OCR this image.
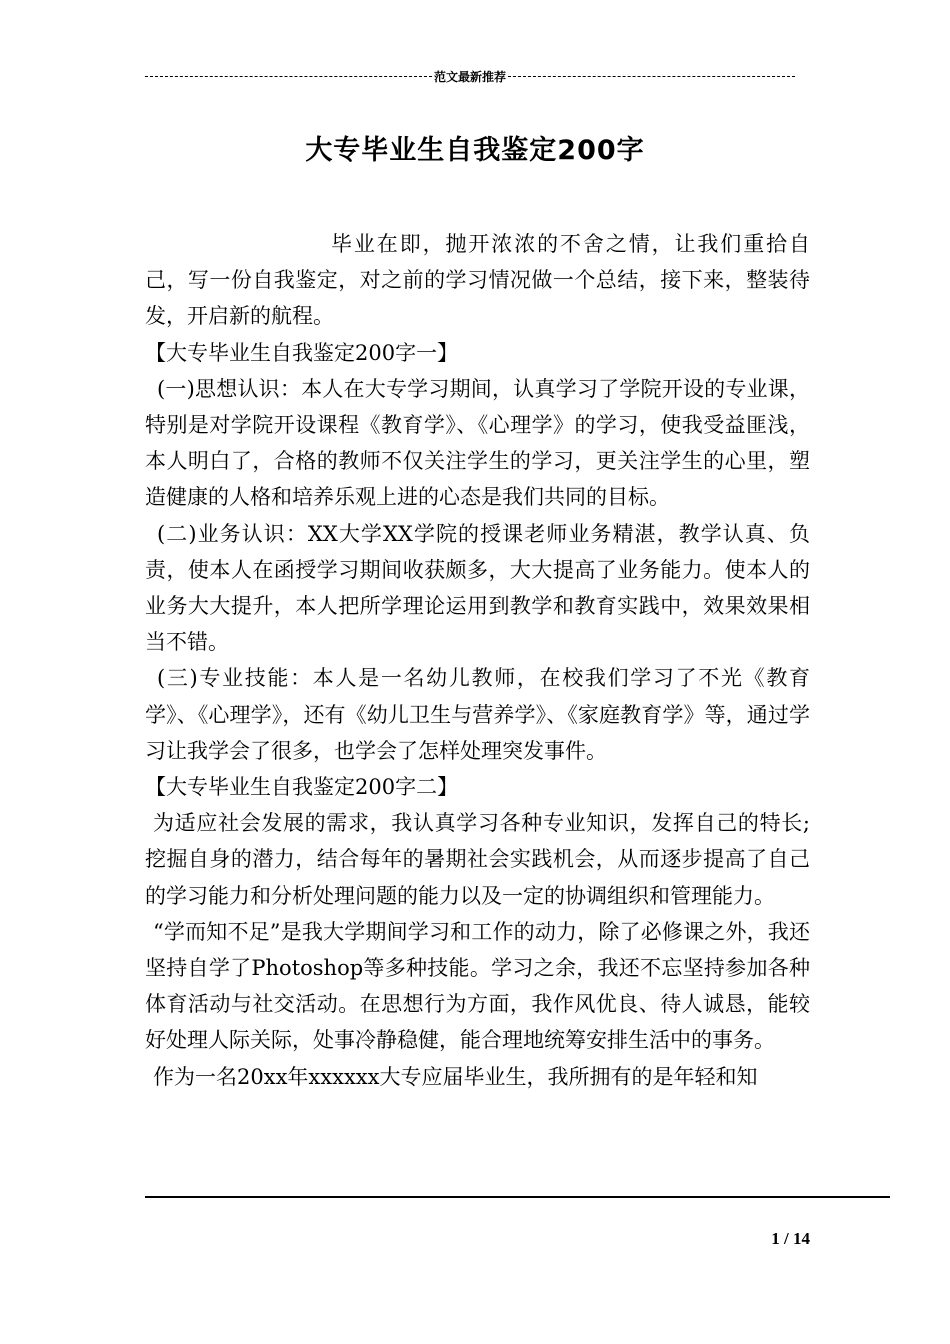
范文最新推荐
大专毕业生自我鉴定200字

毕业在即，抛开浓浓的不舍之情，让我们重拾自己，写一份自我鉴定，对之前的学习情况做一个总结，接下来，整装待发，开启新的航程。

【大专毕业生自我鉴定200字一】

(一)思想认识：本人在大专学习期间，认真学习了学院开设的专业课，特别是对学院开设课程《教育学》、《心理学》的学习，使我受益匪浅，本人明白了，合格的教师不仅关注学生的学习，更关注学生的心里，塑造健康的人格和培养乐观上进的心态是我们共同的目标。

(二)业务认识：XX大学XX学院的授课老师业务精湛，教学认真、负责，使本人在函授学习期间收获颇多，大大提高了业务能力。使本人的业务大大提升，本人把所学理论运用到教学和教育实践中，效果效果相当不错。

(三)专业技能：本人是一名幼儿教师，在校我们学习了不光《教育学》、《心理学》，还有《幼儿卫生与营养学》、《家庭教育学》等，通过学习让我学会了很多，也学会了怎样处理突发事件。

【大专毕业生自我鉴定200字二】

为适应社会发展的需求，我认真学习各种专业知识，发挥自己的特长;挖掘自身的潜力，结合每年的暑期社会实践机会，从而逐步提高了自己的学习能力和分析处理问题的能力以及一定的协调组织和管理能力。

“学而知不足”是我大学期间学习和工作的动力，除了必修课之外，我还坚持自学了Photoshop等多种技能。学习之余，我还不忘坚持参加各种体育活动与社交活动。在思想行为方面，我作风优良、待人诚恳，能较好处理人际关际，处事冷静稳健，能合理地统筹安排生活中的事务。

作为一名20xx年xxxxxx大专应届毕业生，我所拥有的是年轻和知

1 / 14
